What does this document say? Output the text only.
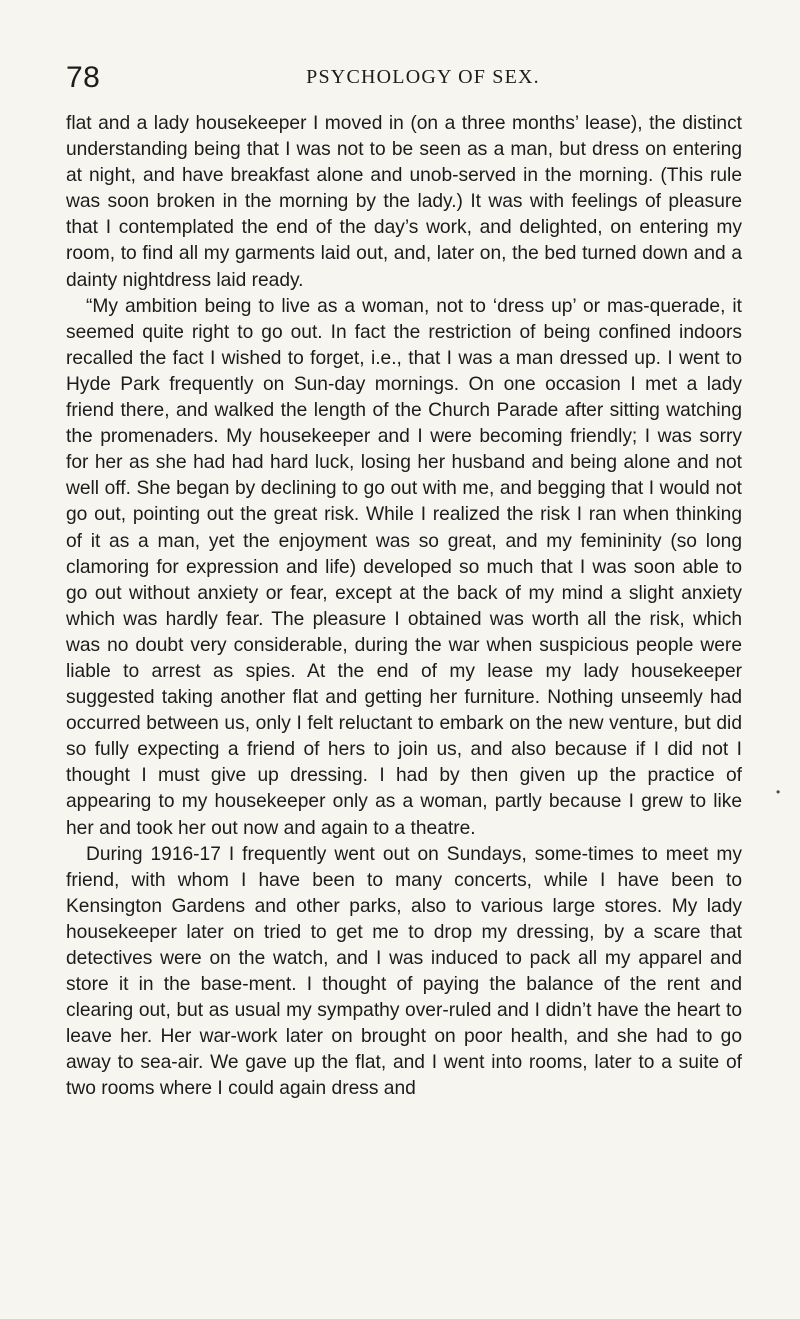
78	PSYCHOLOGY OF SEX.

flat and a lady housekeeper I moved in (on a three months’ lease), the distinct understanding being that I was not to be seen as a man, but dress on entering at night, and have breakfast alone and unob-served in the morning. (This rule was soon broken in the morning by the lady.) It was with feelings of pleasure that I contemplated the end of the day’s work, and delighted, on entering my room, to find all my garments laid out, and, later on, the bed turned down and a dainty nightdress laid ready.

“My ambition being to live as a woman, not to ‘dress up’ or mas-querade, it seemed quite right to go out. In fact the restriction of being confined indoors recalled the fact I wished to forget, i.e., that I was a man dressed up. I went to Hyde Park frequently on Sun-day mornings. On one occasion I met a lady friend there, and walked the length of the Church Parade after sitting watching the promenaders. My housekeeper and I were becoming friendly; I was sorry for her as she had had hard luck, losing her husband and being alone and not well off. She began by declining to go out with me, and begging that I would not go out, pointing out the great risk. While I realized the risk I ran when thinking of it as a man, yet the enjoyment was so great, and my femininity (so long clamoring for expression and life) developed so much that I was soon able to go out without anxiety or fear, except at the back of my mind a slight anxiety which was hardly fear. The pleasure I obtained was worth all the risk, which was no doubt very considerable, during the war when suspicious people were liable to arrest as spies. At the end of my lease my lady housekeeper suggested taking another flat and getting her furniture. Nothing unseemly had occurred between us, only I felt reluctant to embark on the new venture, but did so fully expecting a friend of hers to join us, and also because if I did not I thought I must give up dressing. I had by then given up the practice of appearing to my housekeeper only as a woman, partly because I grew to like her and took her out now and again to a theatre.

During 1916-17 I frequently went out on Sundays, some-times to meet my friend, with whom I have been to many concerts, while I have been to Kensington Gardens and other parks, also to various large stores. My lady housekeeper later on tried to get me to drop my dressing, by a scare that detectives were on the watch, and I was induced to pack all my apparel and store it in the base-ment. I thought of paying the balance of the rent and clearing out, but as usual my sympathy over-ruled and I didn’t have the heart to leave her. Her war-work later on brought on poor health, and she had to go away to sea-air. We gave up the flat, and I went into rooms, later to a suite of two rooms where I could again dress and

•
